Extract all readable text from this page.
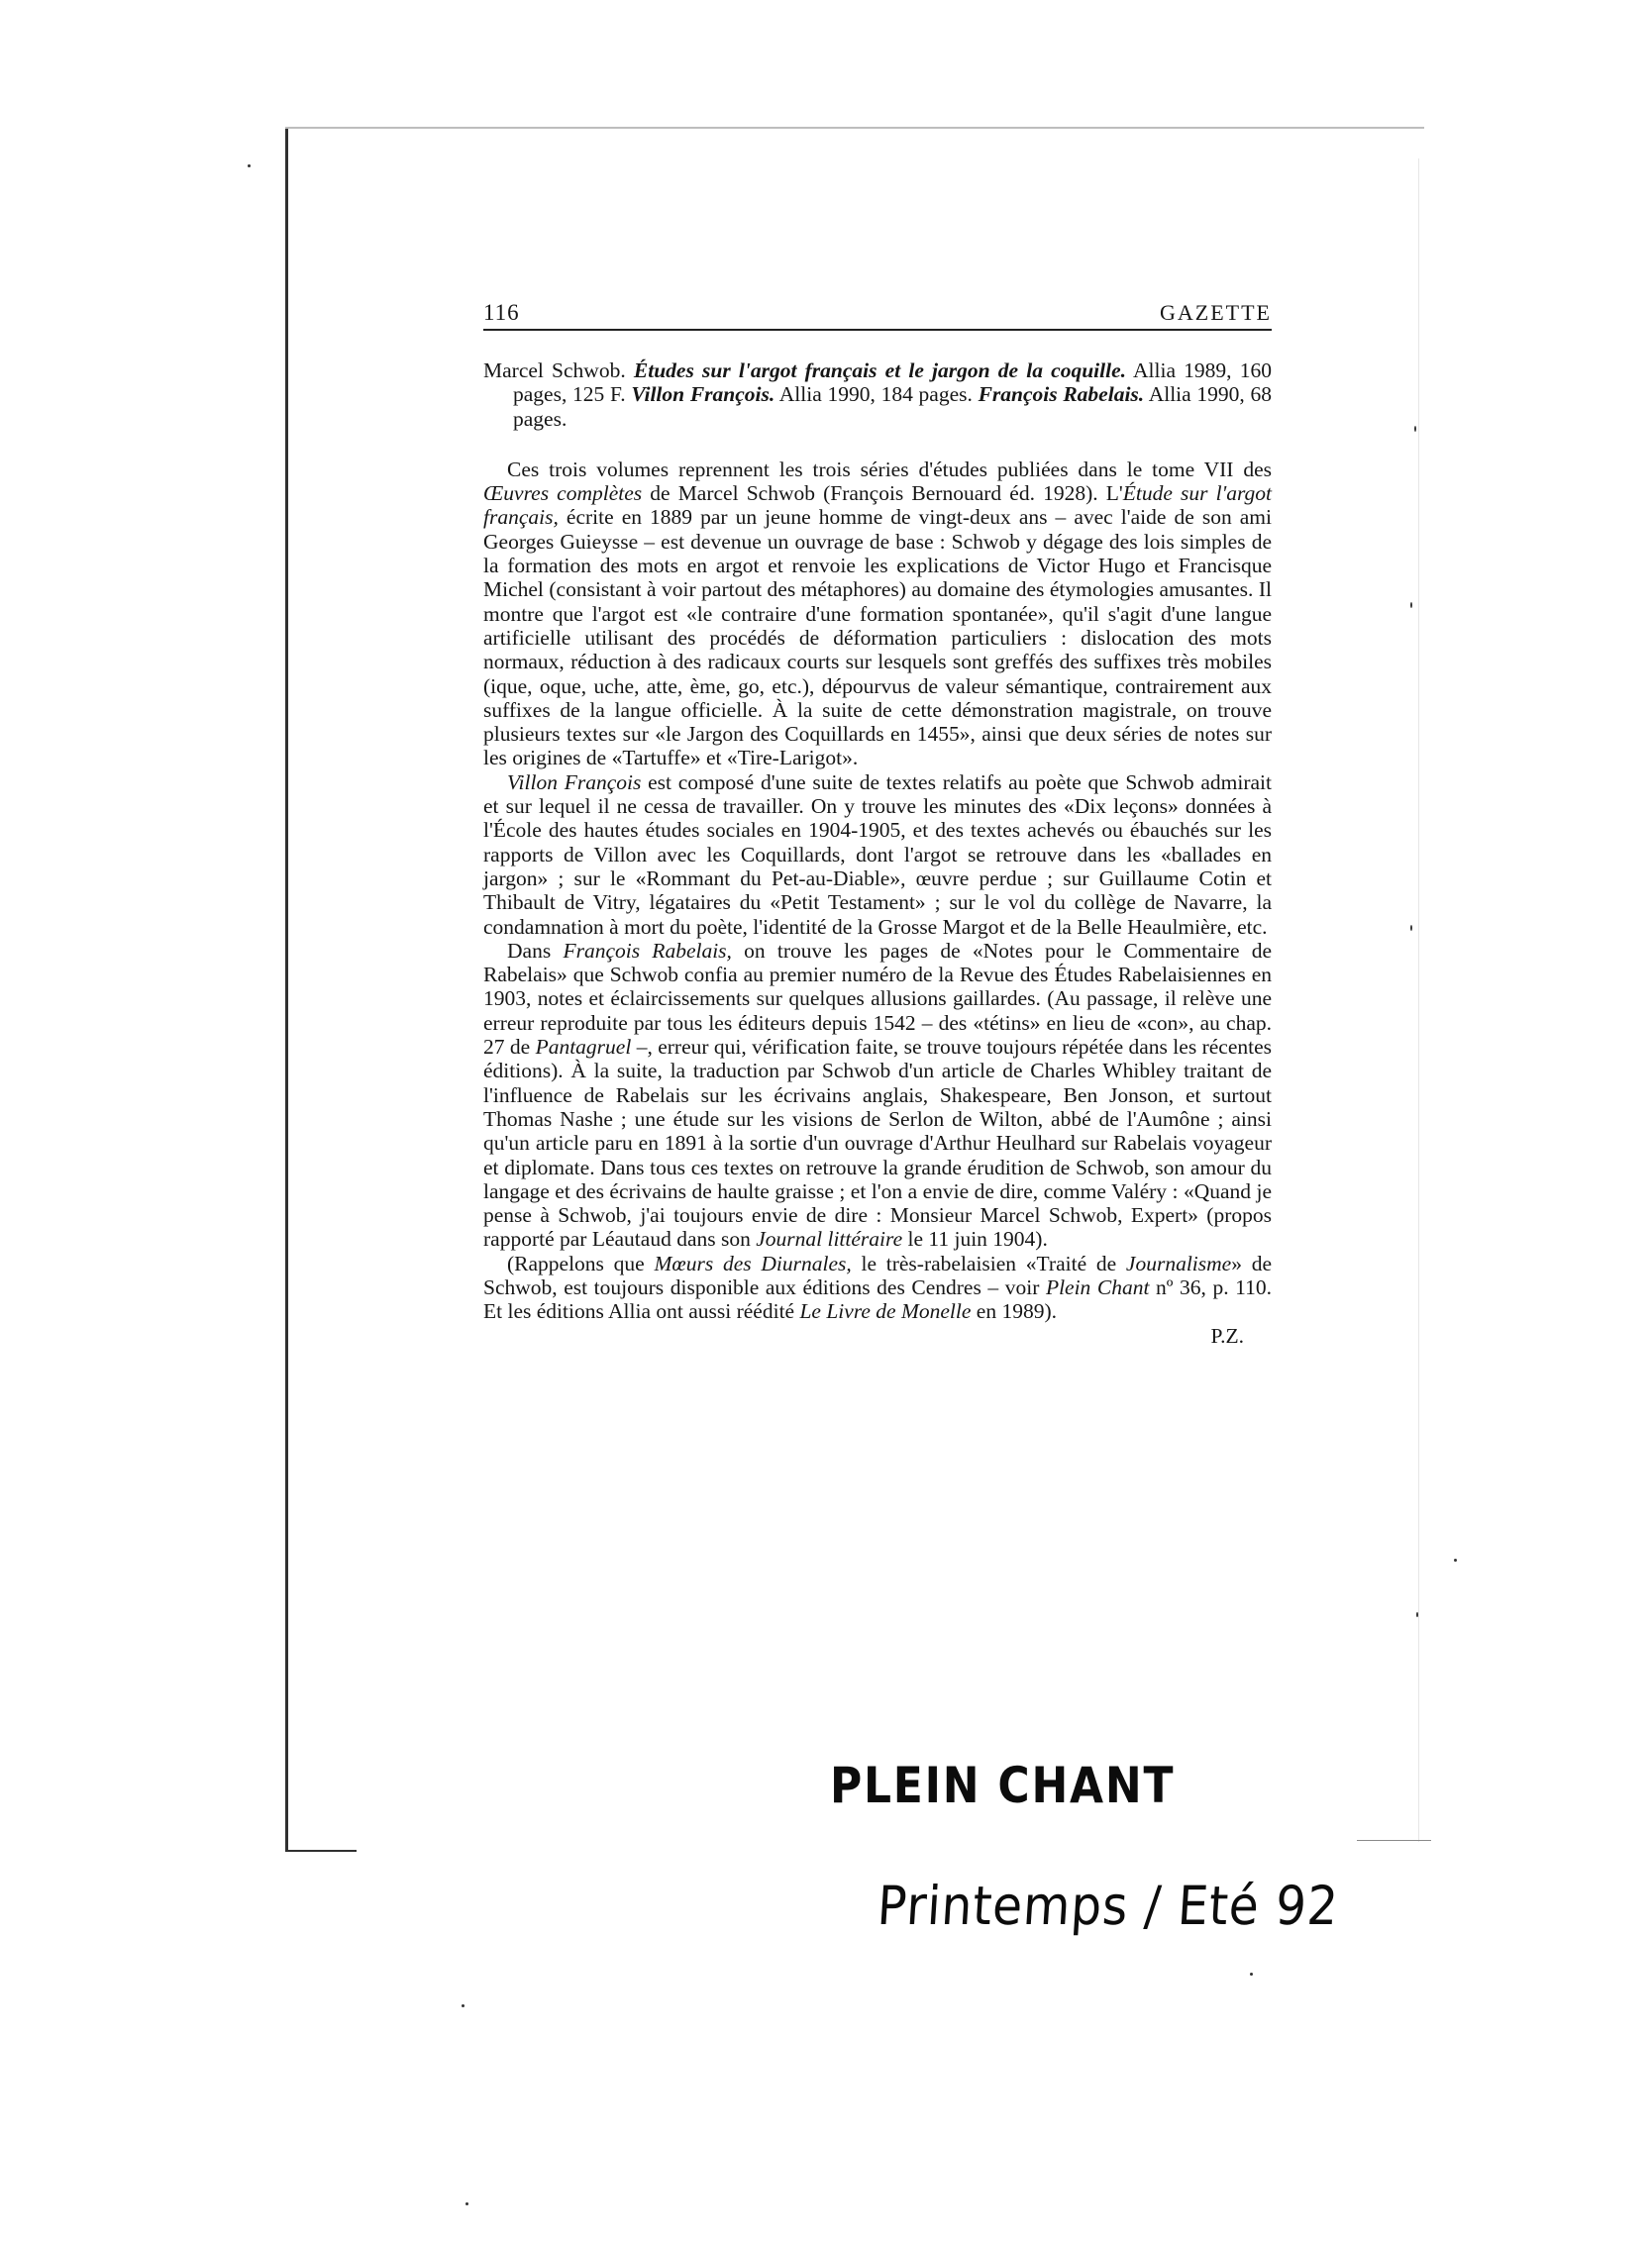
116	GAZETTE

Marcel Schwob. Études sur l'argot français et le jargon de la coquille. Allia 1989, 160 pages, 125 F. Villon François. Allia 1990, 184 pages. François Rabelais. Allia 1990, 68 pages.

Ces trois volumes reprennent les trois séries d'études publiées dans le tome VII des Œuvres complètes de Marcel Schwob (François Bernouard éd. 1928). L'Étude sur l'argot français, écrite en 1889 par un jeune homme de vingt-deux ans – avec l'aide de son ami Georges Guieysse – est devenue un ouvrage de base : Schwob y dégage des lois simples de la formation des mots en argot et renvoie les explications de Victor Hugo et Francisque Michel (consistant à voir partout des métaphores) au domaine des étymologies amusantes. Il montre que l'argot est «le contraire d'une formation spontanée», qu'il s'agit d'une langue artificielle utilisant des procédés de déformation particuliers : dislocation des mots normaux, réduction à des radicaux courts sur lesquels sont greffés des suffixes très mobiles (ique, oque, uche, atte, ème, go, etc.), dépourvus de valeur sémantique, contrairement aux suffixes de la langue officielle. À la suite de cette démonstration magistrale, on trouve plusieurs textes sur «le Jargon des Coquillards en 1455», ainsi que deux séries de notes sur les origines de «Tartuffe» et «Tire-Larigot».

Villon François est composé d'une suite de textes relatifs au poète que Schwob admirait et sur lequel il ne cessa de travailler. On y trouve les minutes des «Dix leçons» données à l'École des hautes études sociales en 1904-1905, et des textes achevés ou ébauchés sur les rapports de Villon avec les Coquillards, dont l'argot se retrouve dans les «ballades en jargon» ; sur le «Rommant du Pet-au-Diable», œuvre perdue ; sur Guillaume Cotin et Thibault de Vitry, légataires du «Petit Testament» ; sur le vol du collège de Navarre, la condamnation à mort du poète, l'identité de la Grosse Margot et de la Belle Heaulmière, etc.

Dans François Rabelais, on trouve les pages de «Notes pour le Commentaire de Rabelais» que Schwob confia au premier numéro de la Revue des Études Rabelaisiennes en 1903, notes et éclaircissements sur quelques allusions gaillardes. (Au passage, il relève une erreur reproduite par tous les éditeurs depuis 1542 – des «tétins» en lieu de «con», au chap. 27 de Pantagruel –, erreur qui, vérification faite, se trouve toujours répétée dans les récentes éditions). À la suite, la traduction par Schwob d'un article de Charles Whibley traitant de l'influence de Rabelais sur les écrivains anglais, Shakespeare, Ben Jonson, et surtout Thomas Nashe ; une étude sur les visions de Serlon de Wilton, abbé de l'Aumône ; ainsi qu'un article paru en 1891 à la sortie d'un ouvrage d'Arthur Heulhard sur Rabelais voyageur et diplomate. Dans tous ces textes on retrouve la grande érudition de Schwob, son amour du langage et des écrivains de haulte graisse ; et l'on a envie de dire, comme Valéry : «Quand je pense à Schwob, j'ai toujours envie de dire : Monsieur Marcel Schwob, Expert» (propos rapporté par Léautaud dans son Journal littéraire le 11 juin 1904).

(Rappelons que Mœurs des Diurnales, le très-rabelaisien «Traité de Journalisme» de Schwob, est toujours disponible aux éditions des Cendres – voir Plein Chant nº 36, p. 110. Et les éditions Allia ont aussi réédité Le Livre de Monelle en 1989).

P.Z.

PLEIN CHANT
Printemps / Eté 92
